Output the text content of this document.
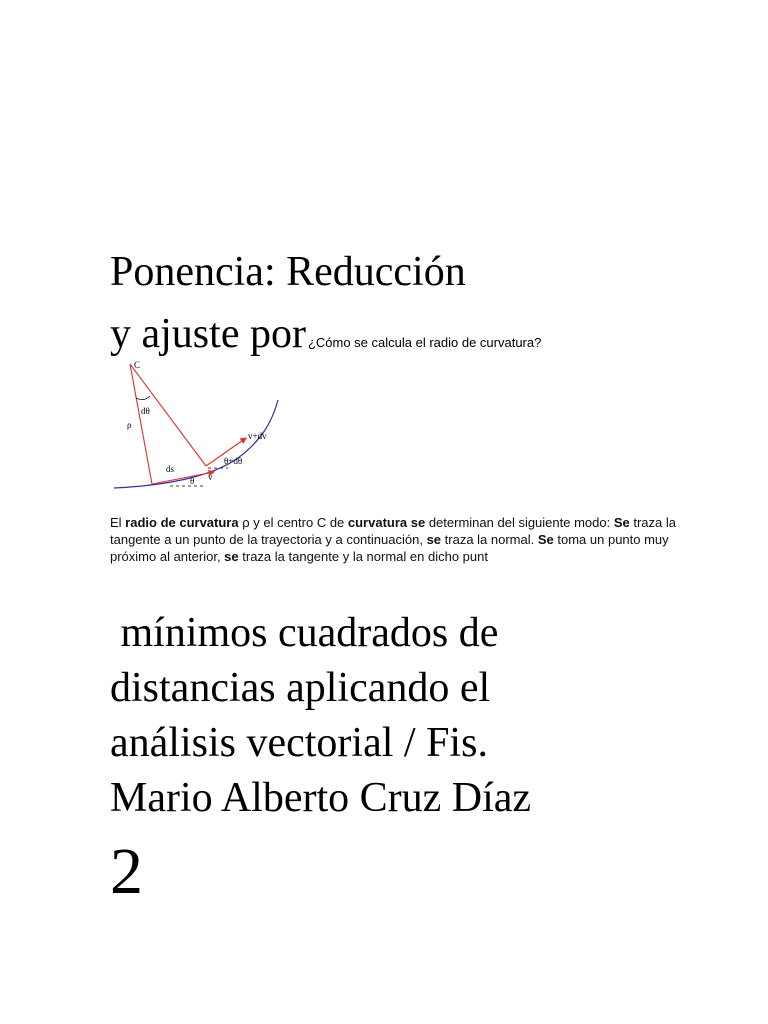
Ponencia: Reducción
y ajuste por ¿Cómo se calcula el radio de curvatura?
C
dθ
ρ
v+dv
θ+dθ
ds
θ v
El radio de curvatura ρ y el centro C de curvatura se determinan del siguiente modo: Se traza la tangente a un punto de la trayectoria y a continuación, se traza la normal. Se toma un punto muy próximo al anterior, se traza la tangente y la normal en dicho punt
mínimos cuadrados de
distancias aplicando el
análisis vectorial / Fis.
Mario Alberto Cruz Díaz
2
